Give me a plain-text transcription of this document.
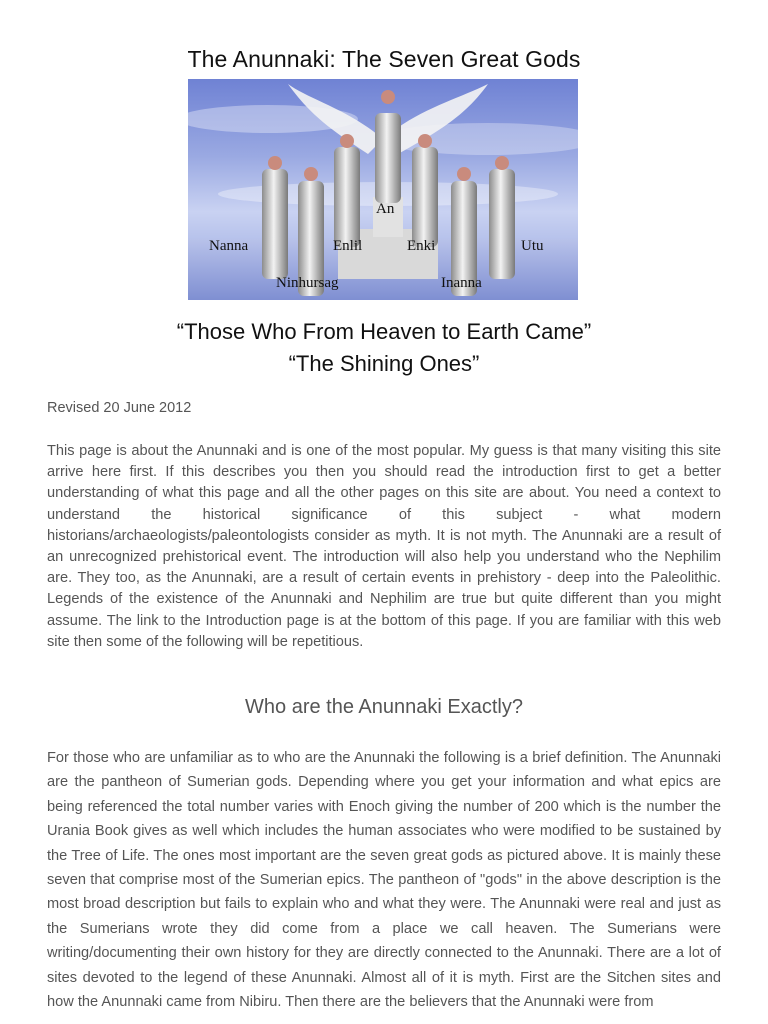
The Anunnaki: The Seven Great Gods
An
Nanna	Enlil	Enki	Utu
Ninhursag	Inanna
“Those Who From Heaven to Earth Came”
“The Shining Ones”
Revised 20 June 2012
This page is about the Anunnaki and is one of the most popular. My guess is that many visiting this site arrive here first. If this describes you then you should read the introduction first to get a better understanding of what this page and all the other pages on this site are about. You need a context to understand the historical significance of this subject - what modern historians/archaeologists/paleontologists consider as myth. It is not myth. The Anunnaki are a result of an unrecognized prehistorical event. The introduction will also help you understand who the Nephilim are. They too, as the Anunnaki, are a result of certain events in prehistory - deep into the Paleolithic. Legends of the existence of the Anunnaki and Nephilim are true but quite different than you might assume. The link to the Introduction page is at the bottom of this page. If you are familiar with this web site then some of the following will be repetitious.
Who are the Anunnaki Exactly?
For those who are unfamiliar as to who are the Anunnaki the following is a brief definition. The Anunnaki are the pantheon of Sumerian gods. Depending where you get your information and what epics are being referenced the total number varies with Enoch giving the number of 200 which is the number the Urania Book gives as well which includes the human associates who were modified to be sustained by the Tree of Life. The ones most important are the seven great gods as pictured above. It is mainly these seven that comprise most of the Sumerian epics. The pantheon of "gods" in the above description is the most broad description but fails to explain who and what they were. The Anunnaki were real and just as the Sumerians wrote they did come from a place we call heaven. The Sumerians were writing/documenting their own history for they are directly connected to the Anunnaki. There are a lot of sites devoted to the legend of these Anunnaki. Almost all of it is myth. First are the Sitchen sites and how the Anunnaki came from Nibiru. Then there are the believers that the Anunnaki were from
